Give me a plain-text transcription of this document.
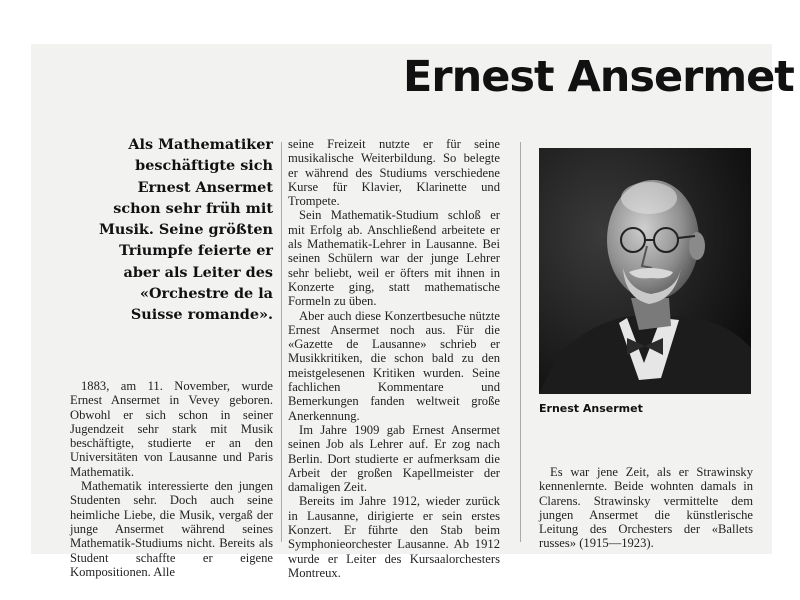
Ernest Ansermet

Als Mathematiker beschäftigte sich Ernest Ansermet schon sehr früh mit Musik. Seine größten Triumpfe feierte er aber als Leiter des «Orchestre de la Suisse romande».

1883, am 11. November, wurde Ernest Ansermet in Vevey geboren. Obwohl er sich schon in seiner Jugendzeit sehr stark mit Musik beschäftigte, studierte er an den Universitäten von Lausanne und Paris Mathematik.

Mathematik interessierte den jungen Studenten sehr. Doch auch seine heimliche Liebe, die Musik, vergaß der junge Ansermet während seines Mathematik-Studiums nicht. Bereits als Student schaffte er eigene Kompositionen. Alle

seine Freizeit nutzte er für seine musikalische Weiterbildung. So belegte er während des Studiums verschiedene Kurse für Klavier, Klarinette und Trompete.

Sein Mathematik-Studium schloß er mit Erfolg ab. Anschließend arbeitete er als Mathematik-Lehrer in Lausanne. Bei seinen Schülern war der junge Lehrer sehr beliebt, weil er öfters mit ihnen in Konzerte ging, statt mathematische Formeln zu üben.

Aber auch diese Konzertbesuche nützte Ernest Ansermet noch aus. Für die «Gazette de Lausanne» schrieb er Musikkritiken, die schon bald zu den meistgelesenen Kritiken wurden. Seine fachlichen Kommentare und Bemerkungen fanden weltweit große Anerkennung.

Im Jahre 1909 gab Ernest Ansermet seinen Job als Lehrer auf. Er zog nach Berlin. Dort studierte er aufmerksam die Arbeit der großen Kapellmeister der damaligen Zeit.

Bereits im Jahre 1912, wieder zurück in Lausanne, dirigierte er sein erstes Konzert. Er führte den Stab beim Symphonieorchester Lausanne. Ab 1912 wurde er Leiter des Kursaalorchesters Montreux.

Ernest Ansermet

Es war jene Zeit, als er Strawinsky kennenlernte. Beide wohnten damals in Clarens. Strawinsky vermittelte dem jungen Ansermet die künstlerische Leitung des Orchesters der «Ballets russes» (1915—1923).
